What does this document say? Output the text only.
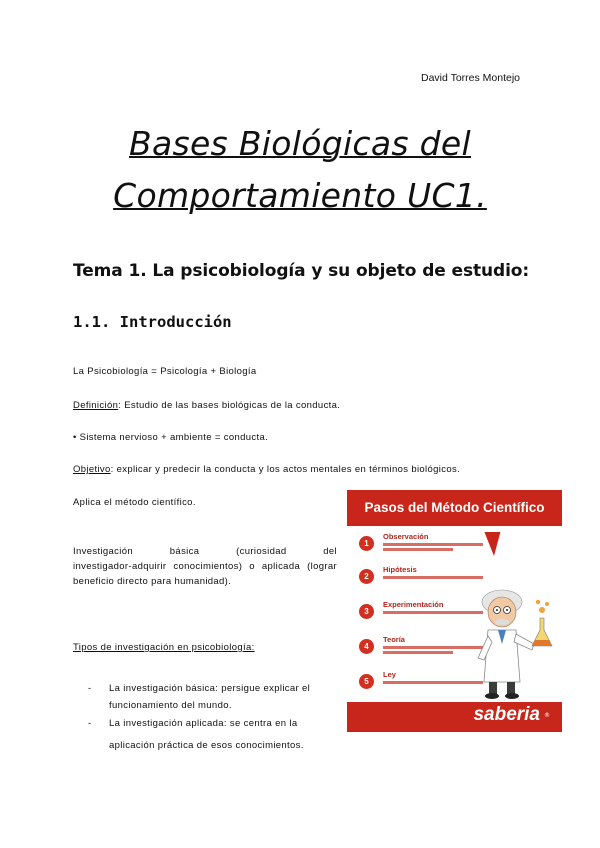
David Torres Montejo
Bases Biológicas del
Comportamiento UC1.
Tema 1. La psicobiología y su objeto de estudio:
1.1. Introducción
La Psicobiología = Psicología + Biología
Definición: Estudio de las bases biológicas de la conducta.
• Sistema nervioso + ambiente = conducta.
Objetivo: explicar y predecir la conducta y los actos mentales en términos biológicos.
Aplica el método científico.
Investigación básica (curiosidad del
investigador-adquirir conocimientos) o aplicada (lograr beneficio directo para humanidad).
Tipos de investigación en psicobiología:
- La investigación básica: persigue explicar el funcionamiento del mundo.
- La investigación aplicada: se centra en la
aplicación práctica de esos conocimientos.
Pasos del Método Científico
1
Observación
2
Hipótesis
3
Experimentación
4
Teoría
5
Ley
saberia ®
